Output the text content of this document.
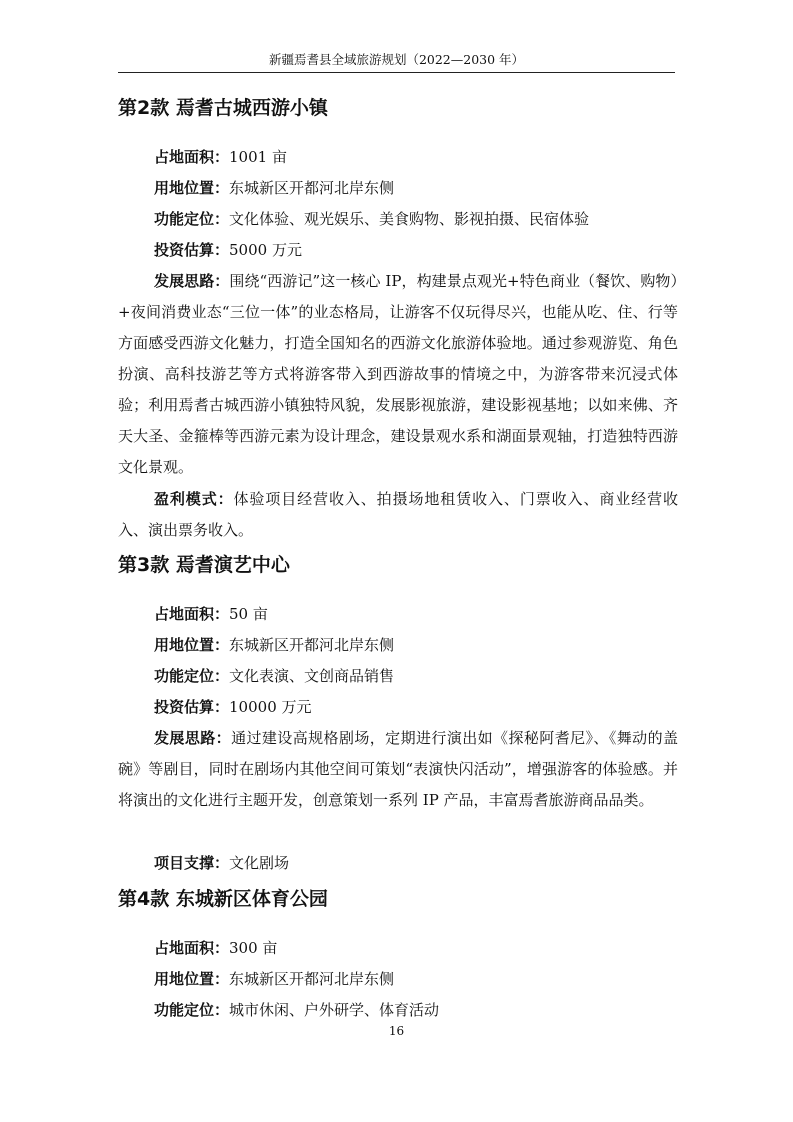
新疆焉耆县全域旅游规划（2022—2030 年）
第2款 焉耆古城西游小镇
占地面积：1001 亩
用地位置：东城新区开都河北岸东侧
功能定位：文化体验、观光娱乐、美食购物、影视拍摄、民宿体验
投资估算：5000 万元
发展思路：围绕“西游记”这一核心 IP，构建景点观光+特色商业（餐饮、购物）+夜间消费业态“三位一体”的业态格局，让游客不仅玩得尽兴，也能从吃、住、行等方面感受西游文化魅力，打造全国知名的西游文化旅游体验地。通过参观游览、角色扮演、高科技游艺等方式将游客带入到西游故事的情境之中，为游客带来沉浸式体验；利用焉耆古城西游小镇独特风貌，发展影视旅游，建设影视基地；以如来佛、齐天大圣、金箍棒等西游元素为设计理念，建设景观水系和湖面景观轴，打造独特西游文化景观。
盈利模式：体验项目经营收入、拍摄场地租赁收入、门票收入、商业经营收入、演出票务收入。
第3款 焉耆演艺中心
占地面积：50 亩
用地位置：东城新区开都河北岸东侧
功能定位：文化表演、文创商品销售
投资估算：10000 万元
发展思路：通过建设高规格剧场，定期进行演出如《探秘阿耆尼》、《舞动的盖碗》等剧目，同时在剧场内其他空间可策划“表演快闪活动”，增强游客的体验感。并将演出的文化进行主题开发，创意策划一系列 IP 产品，丰富焉耆旅游商品品类。
项目支撑：文化剧场
第4款 东城新区体育公园
占地面积：300 亩
用地位置：东城新区开都河北岸东侧
功能定位：城市休闲、户外研学、体育活动
16
